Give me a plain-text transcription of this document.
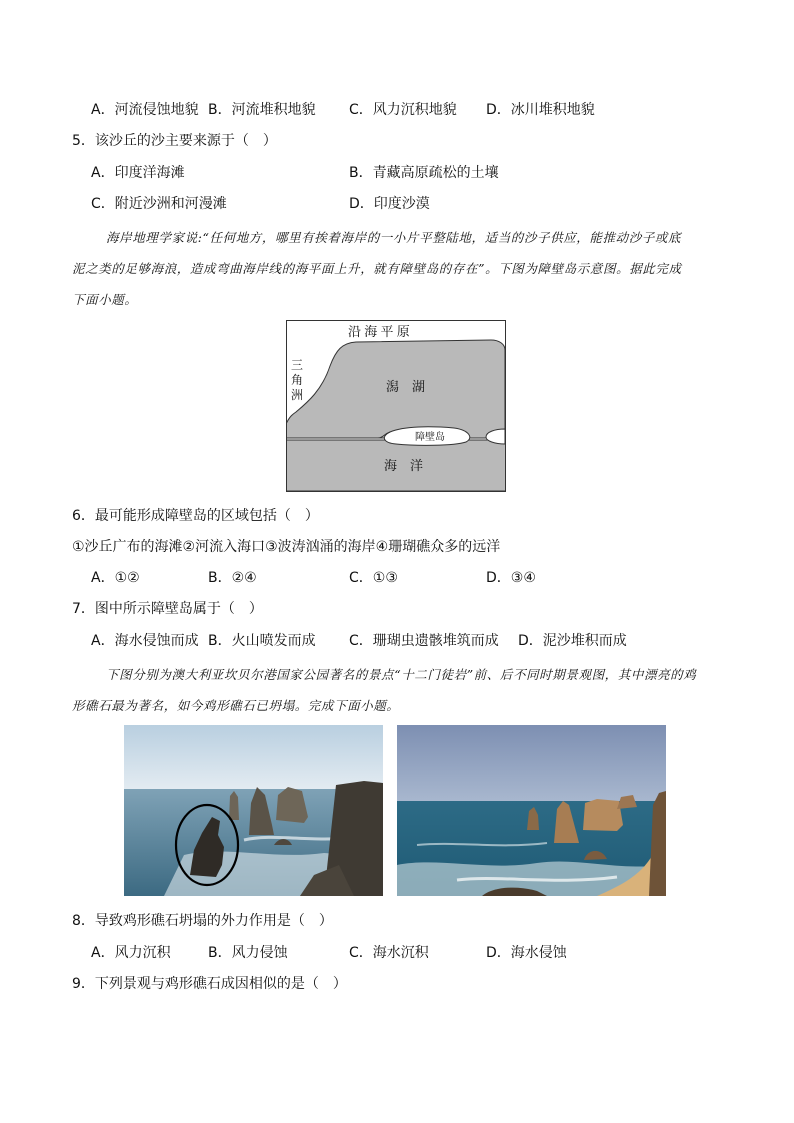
A．河流侵蚀地貌 B．河流堆积地貌 C．风力沉积地貌 D．冰川堆积地貌
5．该沙丘的沙主要来源于（　）
A．印度洋海滩	B．青藏高原疏松的土壤
C．附近沙洲和河漫滩	D．印度沙漠
海岸地理学家说:“任何地方，哪里有挨着海岸的一小片平整陆地，适当的沙子供应，能推动沙子或底
泥之类的足够海浪，造成弯曲海岸线的海平面上升，就有障壁岛的存在”。下图为障壁岛示意图。据此完成
下面小题。
沿 海 平 原
潟　湖
障壁岛
海　洋
三角洲
6．最可能形成障壁岛的区域包括（　）
①沙丘广布的海滩②河流入海口③波涛汹涌的海岸④珊瑚礁众多的远洋
A．①②	B．②④	C．①③	D．③④
7．图中所示障壁岛属于（　）
A．海水侵蚀而成 B．火山喷发而成 C．珊瑚虫遗骸堆筑而成 D．泥沙堆积而成
下图分别为澳大利亚坎贝尔港国家公园著名的景点“十二门徒岩”前、后不同时期景观图，其中漂亮的鸡
形礁石最为著名，如今鸡形礁石已坍塌。完成下面小题。
8．导致鸡形礁石坍塌的外力作用是（　）
A．风力沉积	B．风力侵蚀	C．海水沉积	D．海水侵蚀
9．下列景观与鸡形礁石成因相似的是（　）
